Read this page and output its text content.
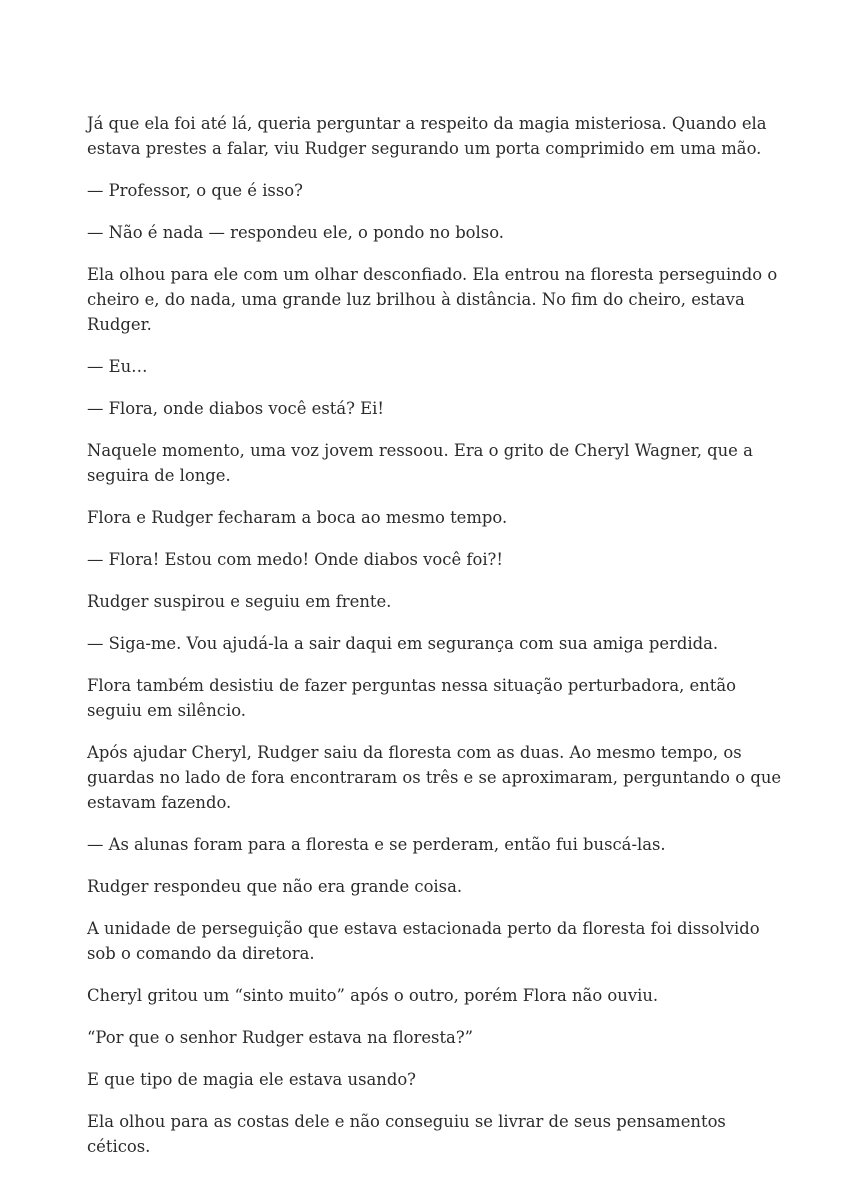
Já que ela foi até lá, queria perguntar a respeito da magia misteriosa. Quando ela estava prestes a falar, viu Rudger segurando um porta comprimido em uma mão.

— Professor, o que é isso?

— Não é nada — respondeu ele, o pondo no bolso.

Ela olhou para ele com um olhar desconfiado. Ela entrou na floresta perseguindo o cheiro e, do nada, uma grande luz brilhou à distância. No fim do cheiro, estava Rudger.

— Eu…

— Flora, onde diabos você está? Ei!

Naquele momento, uma voz jovem ressoou. Era o grito de Cheryl Wagner, que a seguira de longe.

Flora e Rudger fecharam a boca ao mesmo tempo.

— Flora! Estou com medo! Onde diabos você foi?!

Rudger suspirou e seguiu em frente.

— Siga-me. Vou ajudá-la a sair daqui em segurança com sua amiga perdida.

Flora também desistiu de fazer perguntas nessa situação perturbadora, então seguiu em silêncio.

Após ajudar Cheryl, Rudger saiu da floresta com as duas. Ao mesmo tempo, os guardas no lado de fora encontraram os três e se aproximaram, perguntando o que estavam fazendo.

— As alunas foram para a floresta e se perderam, então fui buscá-las.

Rudger respondeu que não era grande coisa.

A unidade de perseguição que estava estacionada perto da floresta foi dissolvido sob o comando da diretora.

Cheryl gritou um “sinto muito” após o outro, porém Flora não ouviu.

“Por que o senhor Rudger estava na floresta?”

E que tipo de magia ele estava usando?

Ela olhou para as costas dele e não conseguiu se livrar de seus pensamentos céticos.
